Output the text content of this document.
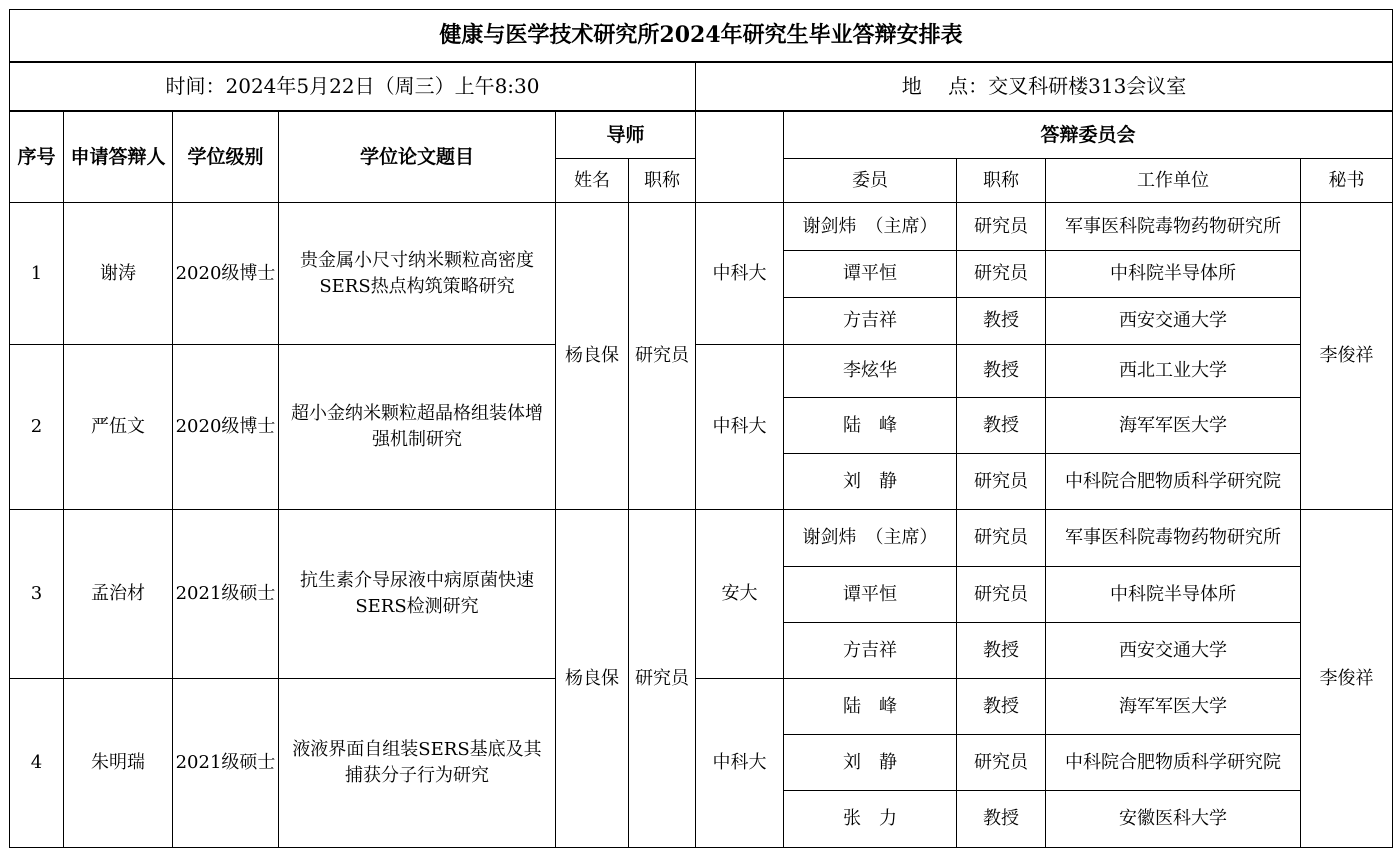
健康与医学技术研究所2024年研究生毕业答辩安排表										
时间：2024年5月22日（周三）上午8:30						地　 点：交叉科研楼313会议室				
序号	申请答辩人	学位级别	学位论文题目	导师			答辩委员会			
				姓名	职称		委员	职称	工作单位	秘书
1	谢涛	2020级博士	贵金属小尺寸纳米颗粒高密度SERS热点构筑策略研究	杨良保	研究员	中科大	谢剑炜　（主席）	研究员	军事医科院毒物药物研究所	李俊祥
							谭平恒	研究员	中科院半导体所	
							方吉祥	教授	西安交通大学	
2	严伍文	2020级博士	超小金纳米颗粒超晶格组装体增强机制研究			中科大	李炫华	教授	西北工业大学	
							陆　峰	教授	海军军医大学	
							刘　静	研究员	中科院合肥物质科学研究院	
3	孟治材	2021级硕士	抗生素介导尿液中病原菌快速SERS检测研究	杨良保	研究员	安大	谢剑炜　（主席）	研究员	军事医科院毒物药物研究所	李俊祥
							谭平恒	研究员	中科院半导体所	
							方吉祥	教授	西安交通大学	
4	朱明瑞	2021级硕士	液液界面自组装SERS基底及其捕获分子行为研究			中科大	陆　峰	教授	海军军医大学	
							刘　静	研究员	中科院合肥物质科学研究院	
							张　力	教授	安徽医科大学	
